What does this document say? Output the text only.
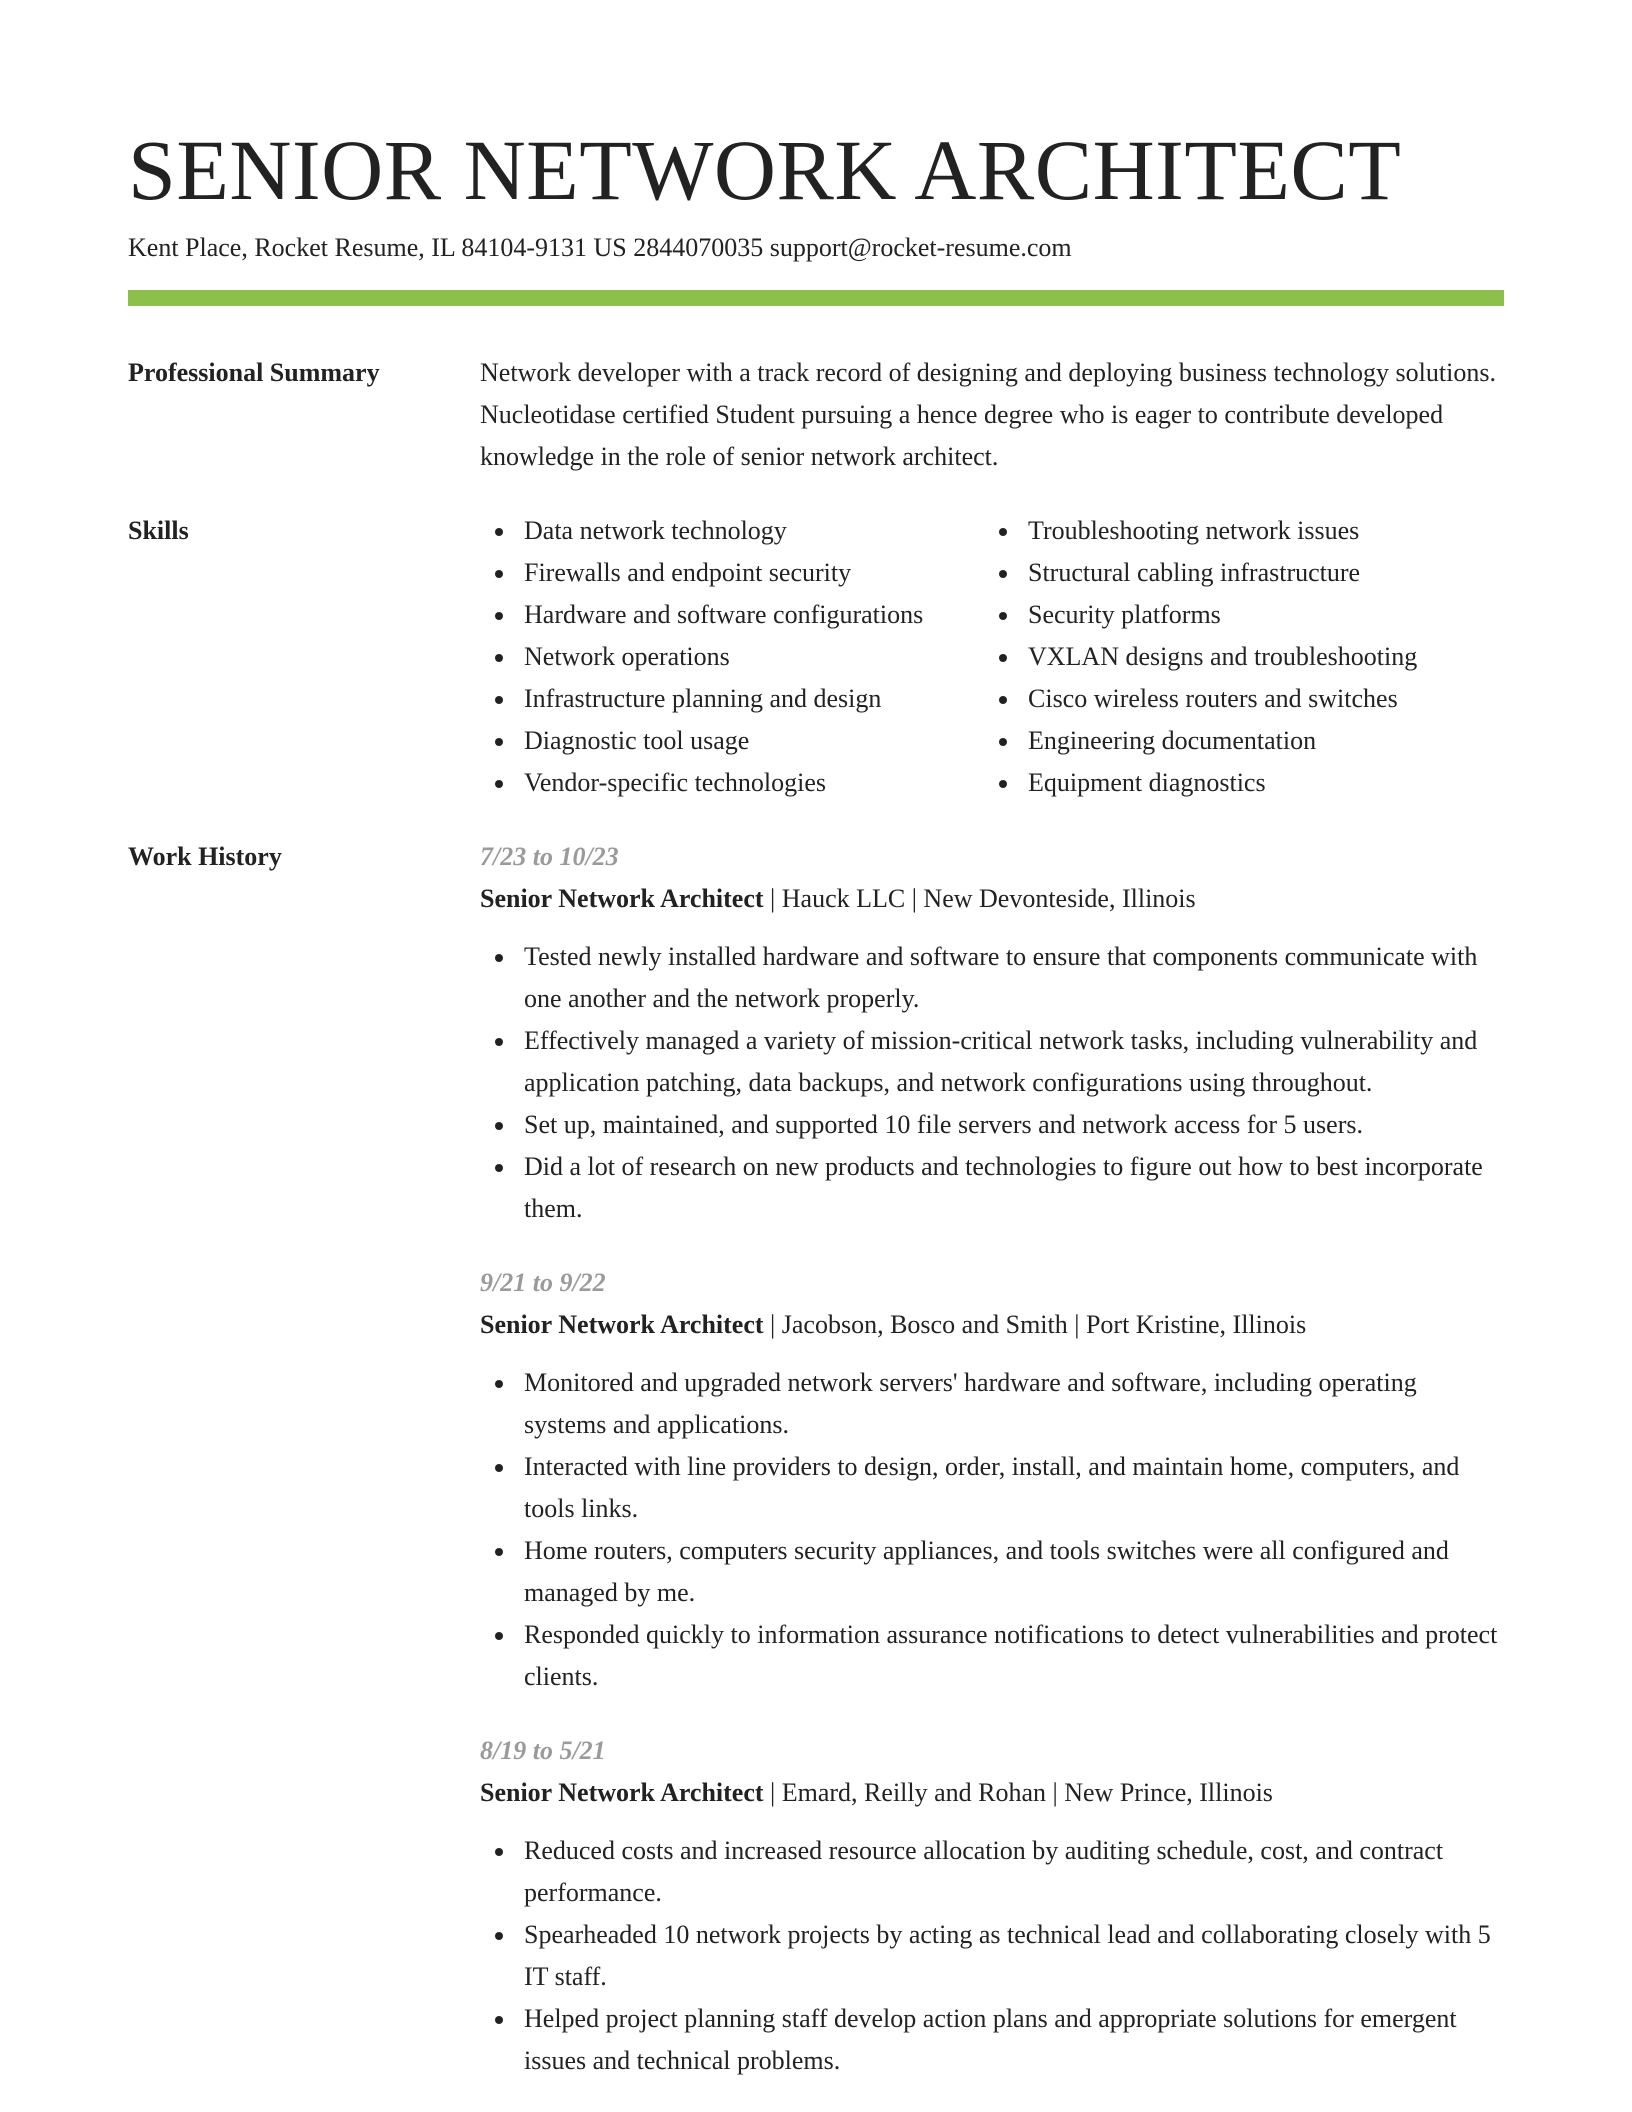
SENIOR NETWORK ARCHITECT
Kent Place, Rocket Resume, IL 84104-9131 US 2844070035 support@rocket-resume.com
Professional Summary	Network developer with a track record of designing and deploying business technology solutions. Nucleotidase certified Student pursuing a hence degree who is eager to contribute developed knowledge in the role of senior network architect.
Skills	Data network technology
Firewalls and endpoint security
Hardware and software configurations
Network operations
Infrastructure planning and design
Diagnostic tool usage
Vendor-specific technologies
Troubleshooting network issues
Structural cabling infrastructure
Security platforms
VXLAN designs and troubleshooting
Cisco wireless routers and switches
Engineering documentation
Equipment diagnostics
Work History	7/23 to 10/23
Senior Network Architect | Hauck LLC | New Devonteside, Illinois
Tested newly installed hardware and software to ensure that components communicate with one another and the network properly.
Effectively managed a variety of mission-critical network tasks, including vulnerability and application patching, data backups, and network configurations using throughout.
Set up, maintained, and supported 10 file servers and network access for 5 users.
Did a lot of research on new products and technologies to figure out how to best incorporate them.
9/21 to 9/22
Senior Network Architect | Jacobson, Bosco and Smith | Port Kristine, Illinois
Monitored and upgraded network servers' hardware and software, including operating systems and applications.
Interacted with line providers to design, order, install, and maintain home, computers, and tools links.
Home routers, computers security appliances, and tools switches were all configured and managed by me.
Responded quickly to information assurance notifications to detect vulnerabilities and protect clients.
8/19 to 5/21
Senior Network Architect | Emard, Reilly and Rohan | New Prince, Illinois
Reduced costs and increased resource allocation by auditing schedule, cost, and contract performance.
Spearheaded 10 network projects by acting as technical lead and collaborating closely with 5 IT staff.
Helped project planning staff develop action plans and appropriate solutions for emergent issues and technical problems.
